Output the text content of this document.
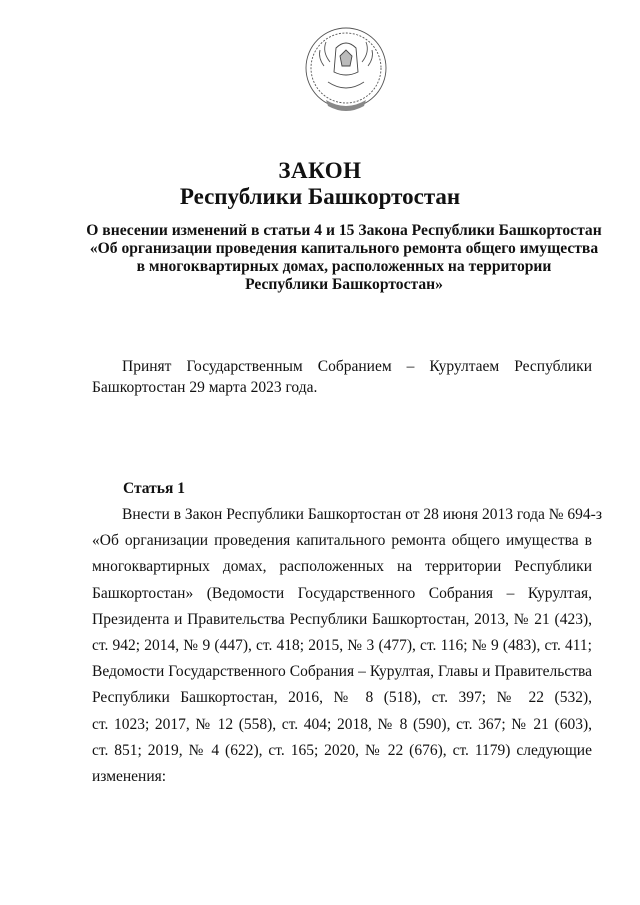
ЗАКОН
Республики Башкортостан
О внесении изменений в статьи 4 и 15 Закона Республики Башкортостан
«Об организации проведения капитального ремонта общего имущества
в многоквартирных домах, расположенных на территории
Республики Башкортостан»
Принят Государственным Собранием – Курултаем Республики
Башкортостан 29 марта 2023 года.
Статья 1
Внести в Закон Республики Башкортостан от 28 июня 2013 года № 694-з
«Об организации проведения капитального ремонта общего имущества в
многоквартирных домах, расположенных на территории Республики
Башкортостан» (Ведомости Государственного Собрания – Курултая,
Президента и Правительства Республики Башкортостан, 2013, № 21 (423),
ст. 942; 2014, № 9 (447), ст. 418; 2015, № 3 (477), ст. 116; № 9 (483), ст. 411;
Ведомости Государственного Собрания – Курултая, Главы и Правительства
Республики Башкортостан, 2016, № 8 (518), ст. 397; № 22 (532),
ст. 1023; 2017, № 12 (558), ст. 404; 2018, № 8 (590), ст. 367; № 21 (603),
ст. 851; 2019, № 4 (622), ст. 165; 2020, № 22 (676), ст. 1179) следующие
изменения:
